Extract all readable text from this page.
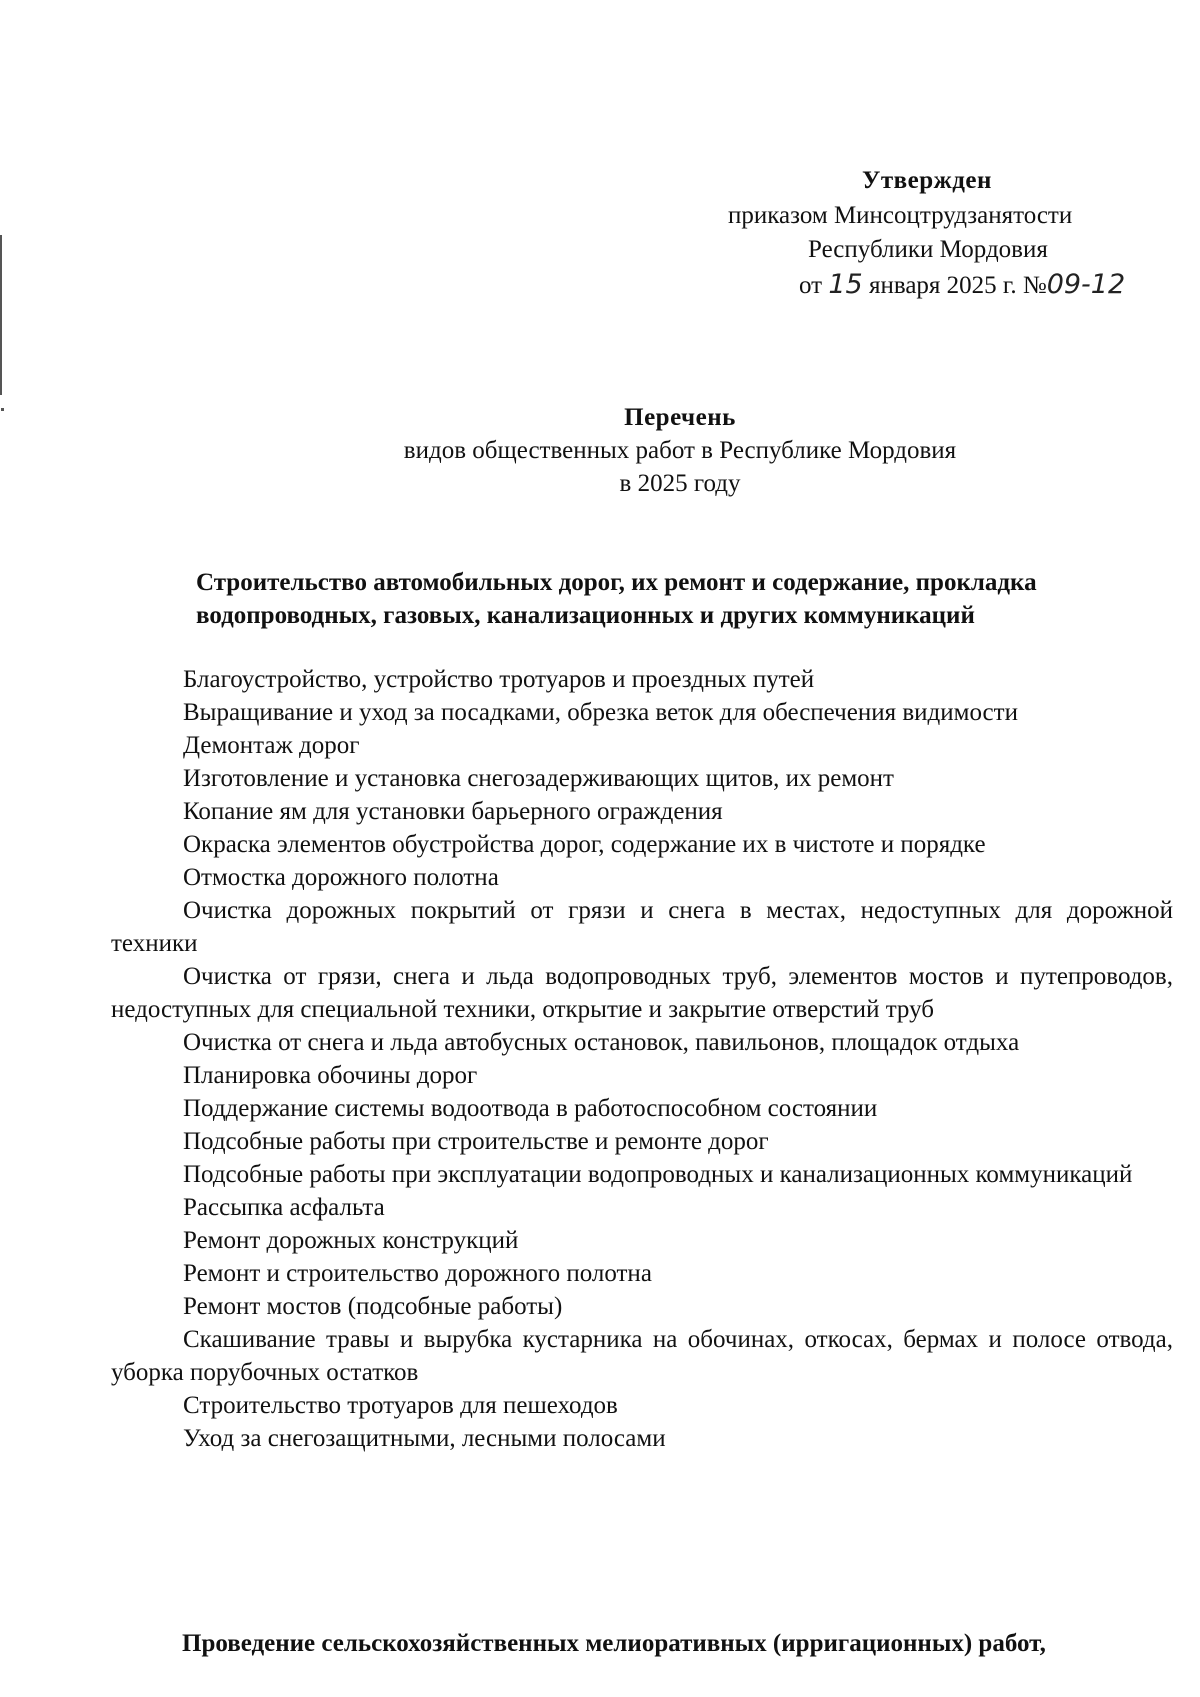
Утвержден
приказом Минсоцтрудзанятости
Республики Мордовия
от 15 января 2025 г. №09-12
Перечень
видов общественных работ в Республике Мордовия
в 2025 году
Строительство автомобильных дорог, их ремонт и содержание, прокладка
водопроводных, газовых, канализационных и других коммуникаций
Благоустройство, устройство тротуаров и проездных путей
Выращивание и уход за посадками, обрезка веток для обеспечения видимости
Демонтаж дорог
Изготовление и установка снегозадерживающих щитов, их ремонт
Копание ям для установки барьерного ограждения
Окраска элементов обустройства дорог, содержание их в чистоте и порядке
Отмостка дорожного полотна
Очистка дорожных покрытий от грязи и снега в местах, недоступных для дорожной техники
Очистка от грязи, снега и льда водопроводных труб, элементов мостов и путепроводов, недоступных для специальной техники, открытие и закрытие отверстий труб
Очистка от снега и льда автобусных остановок, павильонов, площадок отдыха
Планировка обочины дорог
Поддержание системы водоотвода в работоспособном состоянии
Подсобные работы при строительстве и ремонте дорог
Подсобные работы при эксплуатации водопроводных и канализационных коммуникаций
Рассыпка асфальта
Ремонт дорожных конструкций
Ремонт и строительство дорожного полотна
Ремонт мостов (подсобные работы)
Скашивание травы и вырубка кустарника на обочинах, откосах, бермах и полосе отвода, уборка порубочных остатков
Строительство тротуаров для пешеходов
Уход за снегозащитными, лесными полосами
Проведение сельскохозяйственных мелиоративных (ирригационных) работ,
